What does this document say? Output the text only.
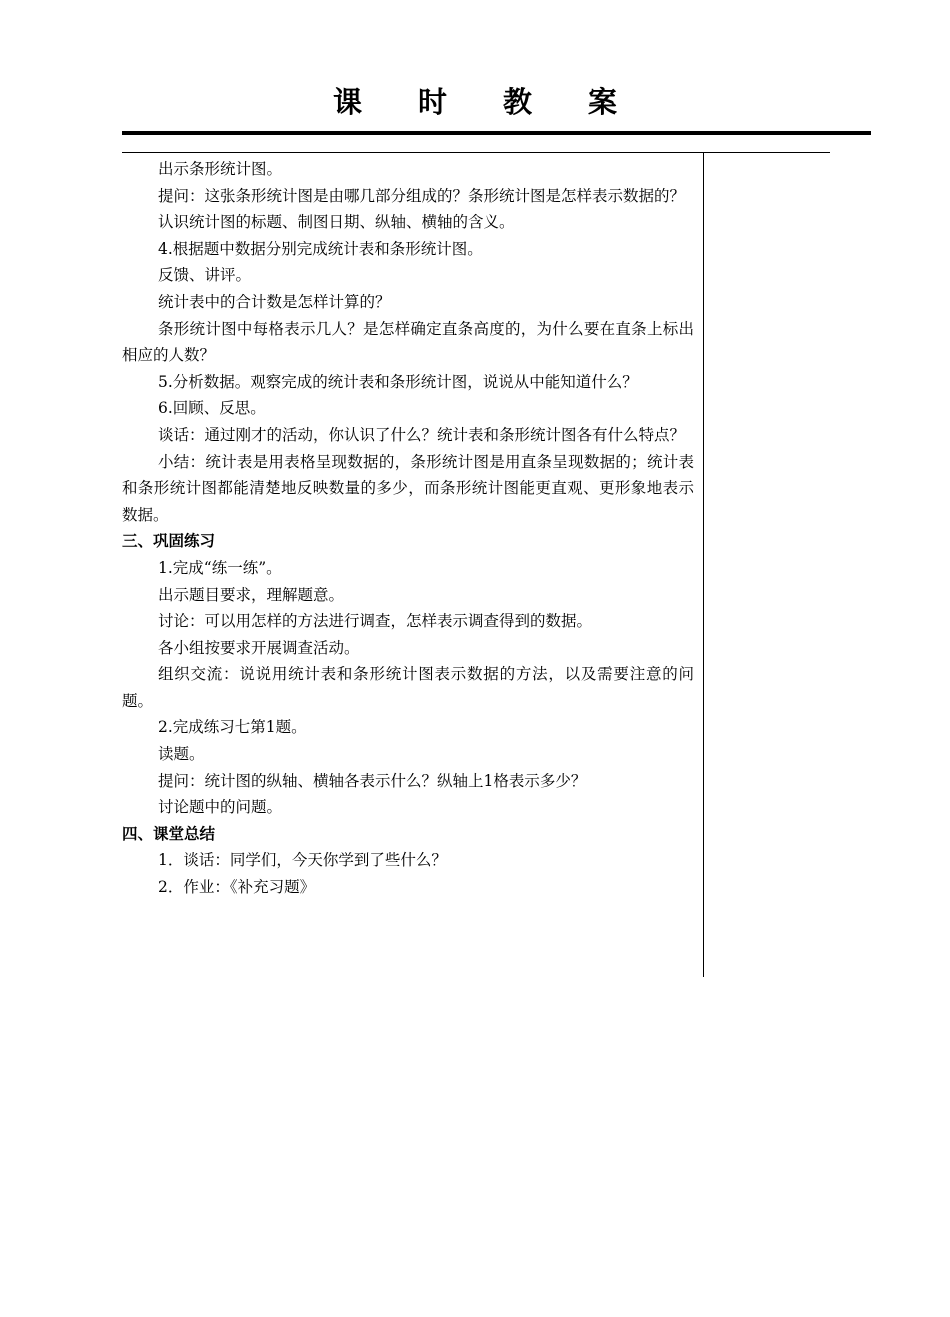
课时教案

出示条形统计图。

提问：这张条形统计图是由哪几部分组成的？条形统计图是怎样表示数据的？

认识统计图的标题、制图日期、纵轴、横轴的含义。

4.根据题中数据分别完成统计表和条形统计图。

反馈、讲评。

统计表中的合计数是怎样计算的？

条形统计图中每格表示几人？是怎样确定直条高度的，为什么要在直条上标出相应的人数？

5.分析数据。观察完成的统计表和条形统计图，说说从中能知道什么？

6.回顾、反思。

谈话：通过刚才的活动，你认识了什么？统计表和条形统计图各有什么特点？

小结：统计表是用表格呈现数据的，条形统计图是用直条呈现数据的；统计表和条形统计图都能清楚地反映数量的多少，而条形统计图能更直观、更形象地表示数据。

三、巩固练习

1.完成“练一练”。

出示题目要求，理解题意。

讨论：可以用怎样的方法进行调查，怎样表示调查得到的数据。

各小组按要求开展调查活动。

组织交流：说说用统计表和条形统计图表示数据的方法，以及需要注意的问题。

2.完成练习七第1题。

读题。

提问：统计图的纵轴、横轴各表示什么？纵轴上1格表示多少？

讨论题中的问题。

四、课堂总结

1．谈话：同学们，今天你学到了些什么？

2．作业：《补充习题》
